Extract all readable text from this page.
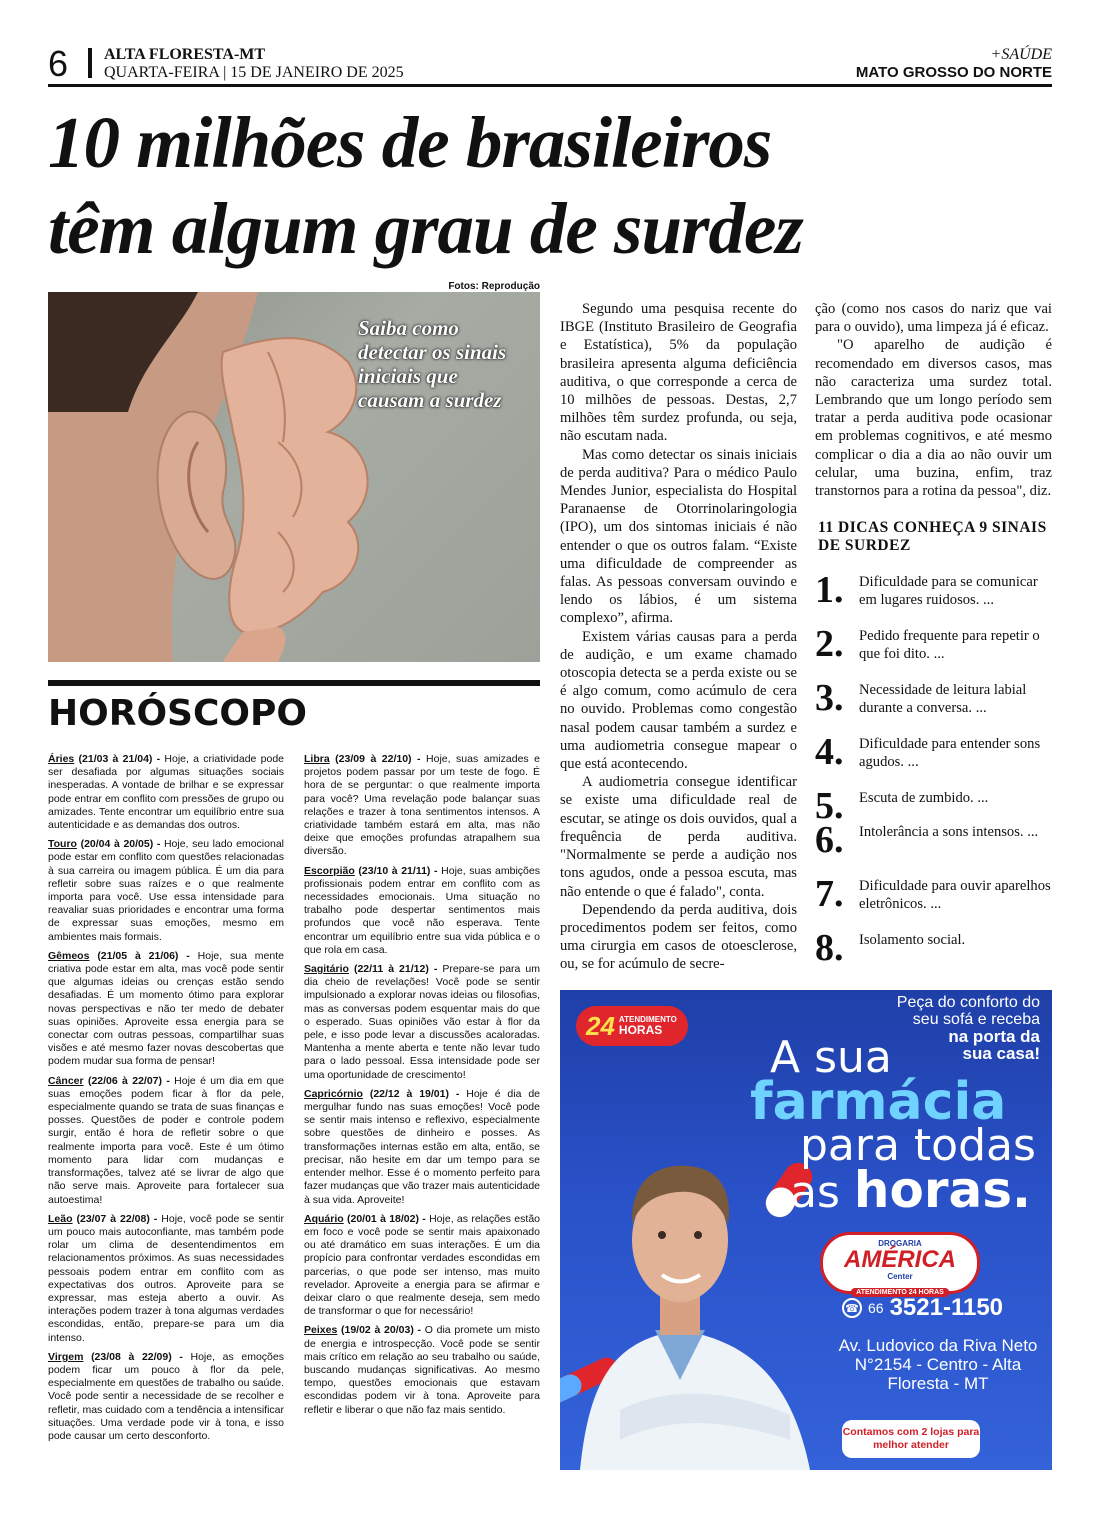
6 ALTA FLORESTA-MT
QUARTA-FEIRA | 15 DE JANEIRO DE 2025
+SAÚDE
MATO GROSSO DO NORTE
10 milhões de brasileiros
têm algum grau de surdez
Fotos: Reprodução
Saiba como detectar os sinais iniciais que causam a surdez

Segundo uma pesquisa recente do IBGE (Instituto Brasileiro de Geografia e Estatística), 5% da população brasileira apresenta alguma deficiência auditiva, o que corresponde a cerca de 10 milhões de pessoas. Destas, 2,7 milhões têm surdez profunda, ou seja, não escutam nada.

Mas como detectar os sinais iniciais de perda auditiva? Para o médico Paulo Mendes Junior, especialista do Hospital Paranaense de Otorrinolaringologia (IPO), um dos sintomas iniciais é não entender o que os outros falam. “Existe uma dificuldade de compreender as falas. As pessoas conversam ouvindo e lendo os lábios, é um sistema complexo”, afirma.

Existem várias causas para a perda de audição, e um exame chamado otoscopia detecta se a perda existe ou se é algo comum, como acúmulo de cera no ouvido. Problemas como congestão nasal podem causar também a surdez e uma audiometria consegue mapear o que está acontecendo.

A audiometria consegue identificar se existe uma dificuldade real de escutar, se atinge os dois ouvidos, qual a frequência de perda auditiva. "Normalmente se perde a audição nos tons agudos, onde a pessoa escuta, mas não entende o que é falado", conta.

Dependendo da perda auditiva, dois procedimentos podem ser feitos, como uma cirurgia em casos de otoesclerose, ou, se for acúmulo de secre-

ção (como nos casos do nariz que vai para o ouvido), uma limpeza já é eficaz.

"O aparelho de audição é recomendado em diversos casos, mas não caracteriza uma surdez total. Lembrando que um longo período sem tratar a perda auditiva pode ocasionar em problemas cognitivos, e até mesmo complicar o dia a dia ao não ouvir um celular, uma buzina, enfim, traz transtornos para a rotina da pessoa", diz.

11 DICAS CONHEÇA 9 SINAIS DE SURDEZ
1.	Dificuldade para se comunicar em lugares ruidosos. ...
2.	Pedido frequente para repetir o que foi dito. ...
3.	Necessidade de leitura labial durante a conversa. ...
4.	Dificuldade para entender sons agudos. ...
5.	Escuta de zumbido. ...
6.	Intolerância a sons intensos. ...
7.	Dificuldade para ouvir aparelhos eletrônicos. ...
8.	Isolamento social.
HORÓSCOPO
Áries (21/03 à 21/04) - Hoje, a criatividade pode ser desafiada por algumas situações sociais inesperadas. A vontade de brilhar e se expressar pode entrar em conflito com pressões de grupo ou amizades. Tente encontrar um equilíbrio entre sua autenticidade e as demandas dos outros.
Touro (20/04 à 20/05) - Hoje, seu lado emocional pode estar em conflito com questões relacionadas à sua carreira ou imagem pública. É um dia para refletir sobre suas raízes e o que realmente importa para você. Use essa intensidade para reavaliar suas prioridades e encontrar uma forma de expressar suas emoções, mesmo em ambientes mais formais.
Gêmeos (21/05 à 21/06) - Hoje, sua mente criativa pode estar em alta, mas você pode sentir que algumas ideias ou crenças estão sendo desafiadas. É um momento ótimo para explorar novas perspectivas e não ter medo de debater suas opiniões. Aproveite essa energia para se conectar com outras pessoas, compartilhar suas visões e até mesmo fazer novas descobertas que podem mudar sua forma de pensar!
Câncer (22/06 à 22/07) - Hoje é um dia em que suas emoções podem ficar à flor da pele, especialmente quando se trata de suas finanças e posses. Questões de poder e controle podem surgir, então é hora de refletir sobre o que realmente importa para você. Este é um ótimo momento para lidar com mudanças e transformações, talvez até se livrar de algo que não serve mais. Aproveite para fortalecer sua autoestima!
Leão (23/07 à 22/08) - Hoje, você pode se sentir um pouco mais autoconfiante, mas também pode rolar um clima de desentendimentos em relacionamentos próximos. As suas necessidades pessoais podem entrar em conflito com as expectativas dos outros. Aproveite para se expressar, mas esteja aberto a ouvir. As interações podem trazer à tona algumas verdades escondidas, então, prepare-se para um dia intenso.
Virgem (23/08 à 22/09) - Hoje, as emoções podem ficar um pouco à flor da pele, especialmente em questões de trabalho ou saúde. Você pode sentir a necessidade de se recolher e refletir, mas cuidado com a tendência a intensificar situações. Uma verdade pode vir à tona, e isso pode causar um certo desconforto.
Libra (23/09 à 22/10) - Hoje, suas amizades e projetos podem passar por um teste de fogo. É hora de se perguntar: o que realmente importa para você? Uma revelação pode balançar suas relações e trazer à tona sentimentos intensos. A criatividade também estará em alta, mas não deixe que emoções profundas atrapalhem sua diversão.
Escorpião (23/10 à 21/11) - Hoje, suas ambições profissionais podem entrar em conflito com as necessidades emocionais. Uma situação no trabalho pode despertar sentimentos mais profundos que você não esperava. Tente encontrar um equilíbrio entre sua vida pública e o que rola em casa.
Sagitário (22/11 à 21/12) - Prepare-se para um dia cheio de revelações! Você pode se sentir impulsionado a explorar novas ideias ou filosofias, mas as conversas podem esquentar mais do que o esperado. Suas opiniões vão estar à flor da pele, e isso pode levar a discussões acaloradas. Mantenha a mente aberta e tente não levar tudo para o lado pessoal. Essa intensidade pode ser uma oportunidade de crescimento!
Capricórnio (22/12 à 19/01) - Hoje é dia de mergulhar fundo nas suas emoções! Você pode se sentir mais intenso e reflexivo, especialmente sobre questões de dinheiro e posses. As transformações internas estão em alta, então, se precisar, não hesite em dar um tempo para se entender melhor. Esse é o momento perfeito para fazer mudanças que vão trazer mais autenticidade à sua vida. Aproveite!
Aquário (20/01 à 18/02) - Hoje, as relações estão em foco e você pode se sentir mais apaixonado ou até dramático em suas interações. É um dia propício para confrontar verdades escondidas em parcerias, o que pode ser intenso, mas muito revelador. Aproveite a energia para se afirmar e deixar claro o que realmente deseja, sem medo de transformar o que for necessário!
Peixes (19/02 à 20/03) - O dia promete um misto de energia e introspecção. Você pode se sentir mais crítico em relação ao seu trabalho ou saúde, buscando mudanças significativas. Ao mesmo tempo, questões emocionais que estavam escondidas podem vir à tona. Aproveite para refletir e liberar o que não faz mais sentido.
24 ATENDIMENTO
HORAS
Peça do conforto do
seu sofá e receba
na porta da
sua casa!
A sua
farmácia
para todas
as horas.
DROGARIA
AMÉRICA
Center
ATENDIMENTO 24 HORAS
☎ 66 3521-1150
Av. Ludovico da Riva Neto N°2154 - Centro - Alta Floresta - MT
Contamos com 2 lojas para melhor atender
